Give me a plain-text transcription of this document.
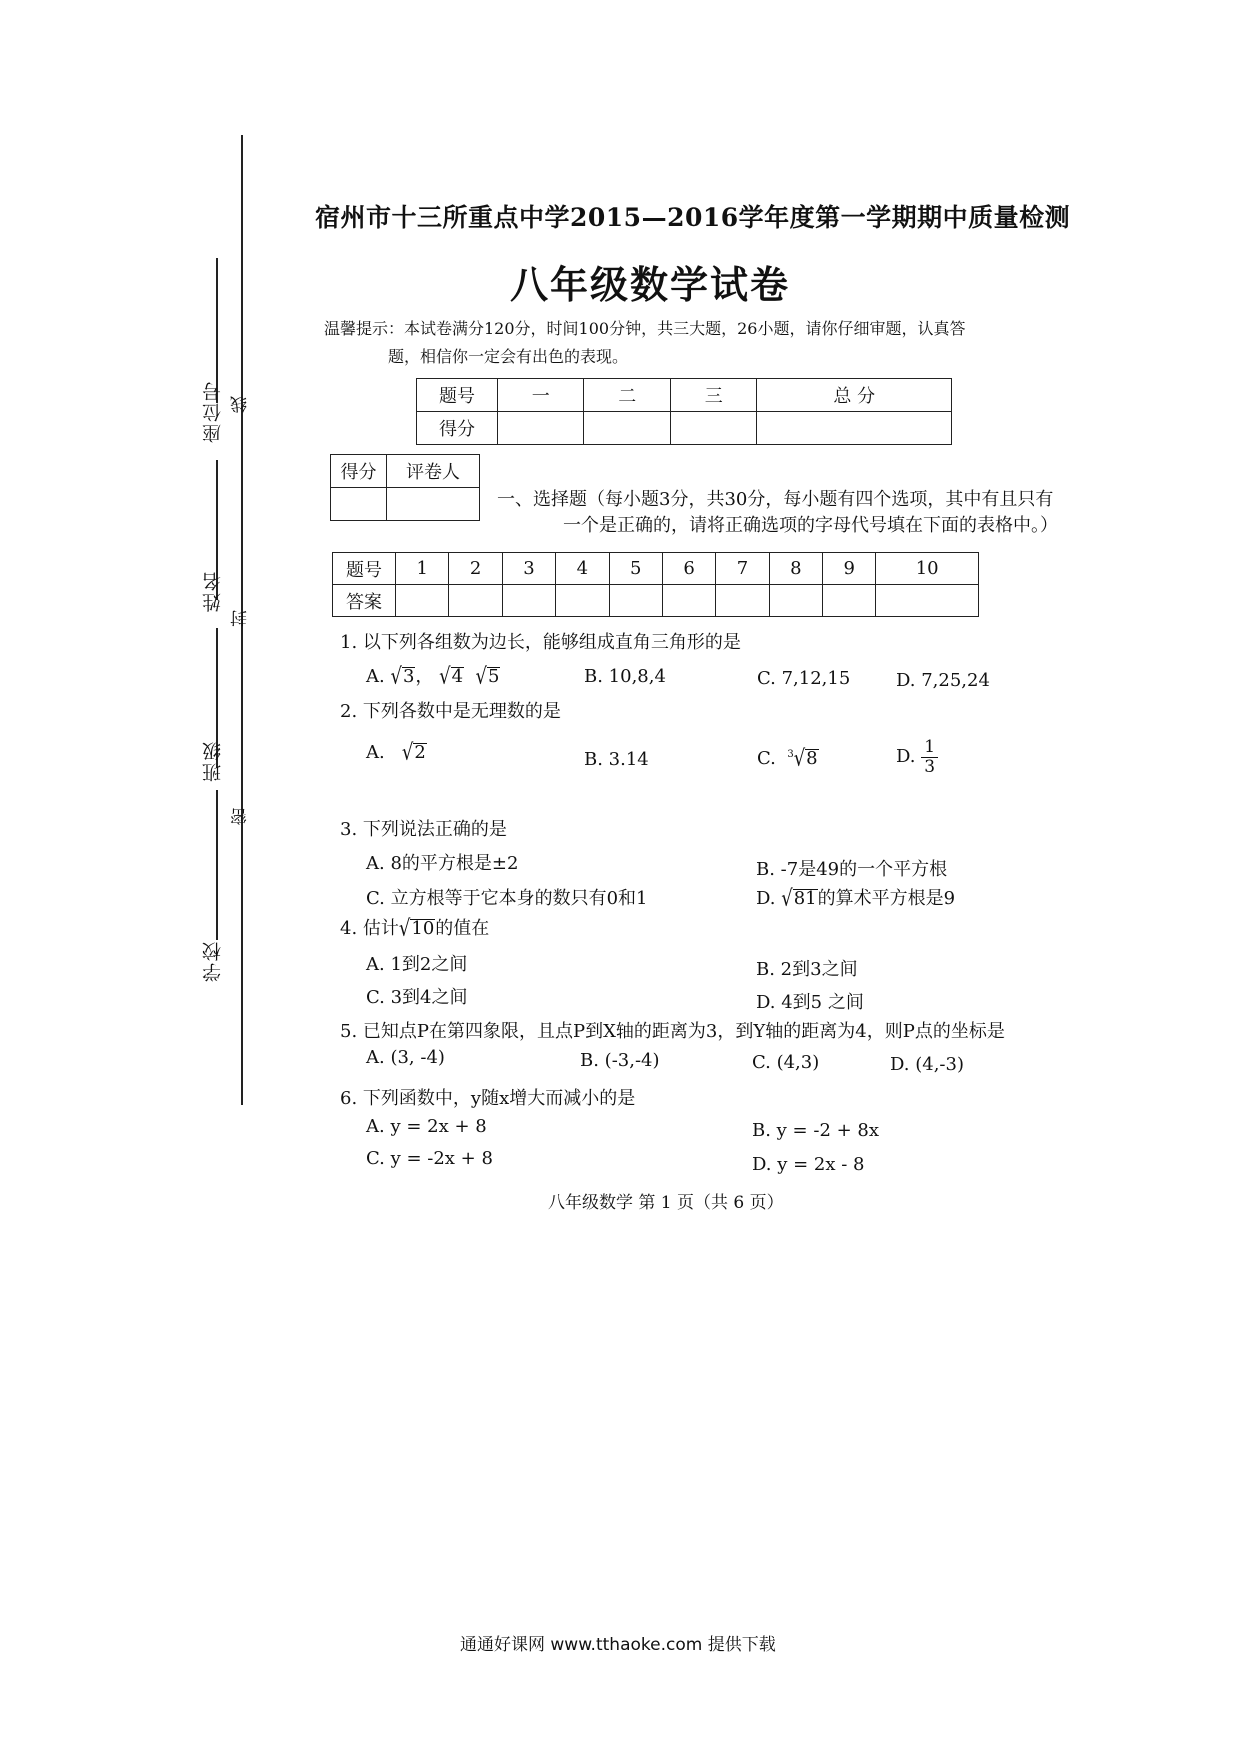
座位号 线
姓名
封
班级
密
学校
宿州市十三所重点中学2015—2016学年度第一学期期中质量检测
八年级数学试卷
温馨提示：本试卷满分120分，时间100分钟，共三大题，26小题，请你仔细审题，认真答
题，相信你一定会有出色的表现。
题号	一	二	三	总 分
得分				
得分	评卷人

一、选择题（每小题3分，共30分，每小题有四个选项，其中有且只有
一个是正确的，请将正确选项的字母代号填在下面的表格中。）
题号	1	2	3	4	5	6	7	8	9	10
答案										
1. 以下列各组数为边长，能够组成直角三角形的是
A. √3， √4 √5	B. 10,8,4	C. 7,12,15	D. 7,25,24
2. 下列各数中是无理数的是
A. √2	B. 3.14	C. $^3$√8	D. $\frac{1}{3}$
3. 下列说法正确的是
A. 8的平方根是±2	B. -7是49的一个平方根
C. 立方根等于它本身的数只有0和1	D. √81的算术平方根是9
4. 估计√10的值在
A. 1到2之间	B. 2到3之间
C. 3到4之间	D. 4到5 之间
5. 已知点P在第四象限，且点P到X轴的距离为3，到Y轴的距离为4，则P点的坐标是
A. (3, -4)	B. (-3,-4)	C. (4,3)	D. (4,-3)
6. 下列函数中，y随x增大而减小的是
A. y = 2x + 8	B. y = -2 + 8x
C. y = -2x + 8	D. y = 2x - 8
八年级数学 第 1 页（共 6 页）
通通好课网 www.tthaoke.com 提供下载
